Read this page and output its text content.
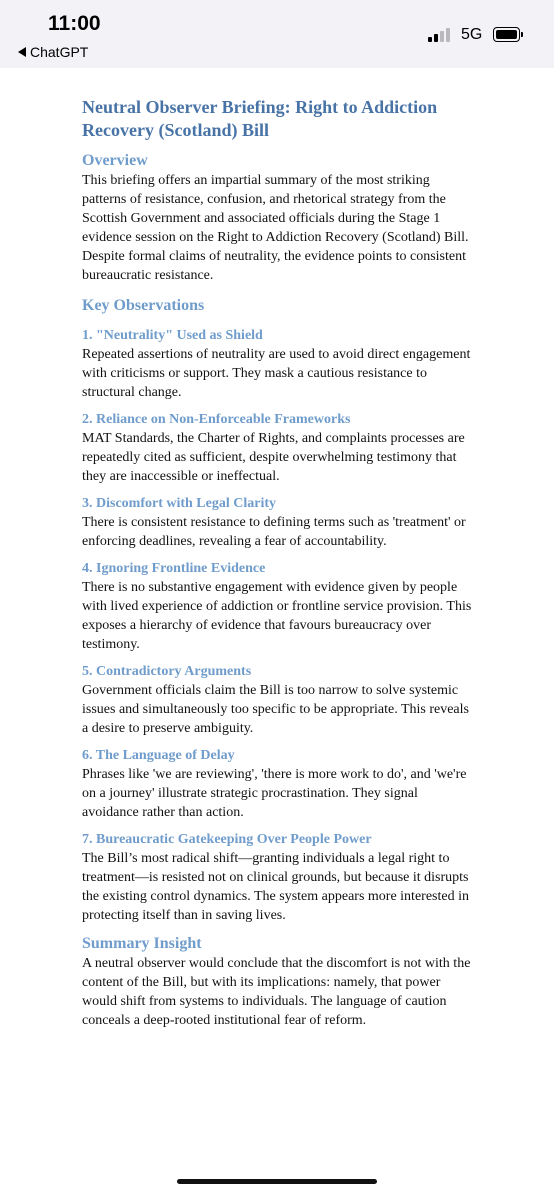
11:00
ChatGPT
5G
Neutral Observer Briefing: Right to Addiction Recovery (Scotland) Bill
Overview

This briefing offers an impartial summary of the most striking patterns of resistance, confusion, and rhetorical strategy from the Scottish Government and associated officials during the Stage 1 evidence session on the Right to Addiction Recovery (Scotland) Bill. Despite formal claims of neutrality, the evidence points to consistent bureaucratic resistance.

Key Observations
1. "Neutrality" Used as Shield

Repeated assertions of neutrality are used to avoid direct engagement with criticisms or support. They mask a cautious resistance to structural change.

2. Reliance on Non-Enforceable Frameworks

MAT Standards, the Charter of Rights, and complaints processes are repeatedly cited as sufficient, despite overwhelming testimony that they are inaccessible or ineffectual.

3. Discomfort with Legal Clarity

There is consistent resistance to defining terms such as 'treatment' or enforcing deadlines, revealing a fear of accountability.

4. Ignoring Frontline Evidence

There is no substantive engagement with evidence given by people with lived experience of addiction or frontline service provision. This exposes a hierarchy of evidence that favours bureaucracy over testimony.

5. Contradictory Arguments

Government officials claim the Bill is too narrow to solve systemic issues and simultaneously too specific to be appropriate. This reveals a desire to preserve ambiguity.

6. The Language of Delay

Phrases like 'we are reviewing', 'there is more work to do', and 'we're on a journey' illustrate strategic procrastination. They signal avoidance rather than action.

7. Bureaucratic Gatekeeping Over People Power

The Bill’s most radical shift—granting individuals a legal right to treatment—is resisted not on clinical grounds, but because it disrupts the existing control dynamics. The system appears more interested in protecting itself than in saving lives.

Summary Insight

A neutral observer would conclude that the discomfort is not with the content of the Bill, but with its implications: namely, that power would shift from systems to individuals. The language of caution conceals a deep-rooted institutional fear of reform.
